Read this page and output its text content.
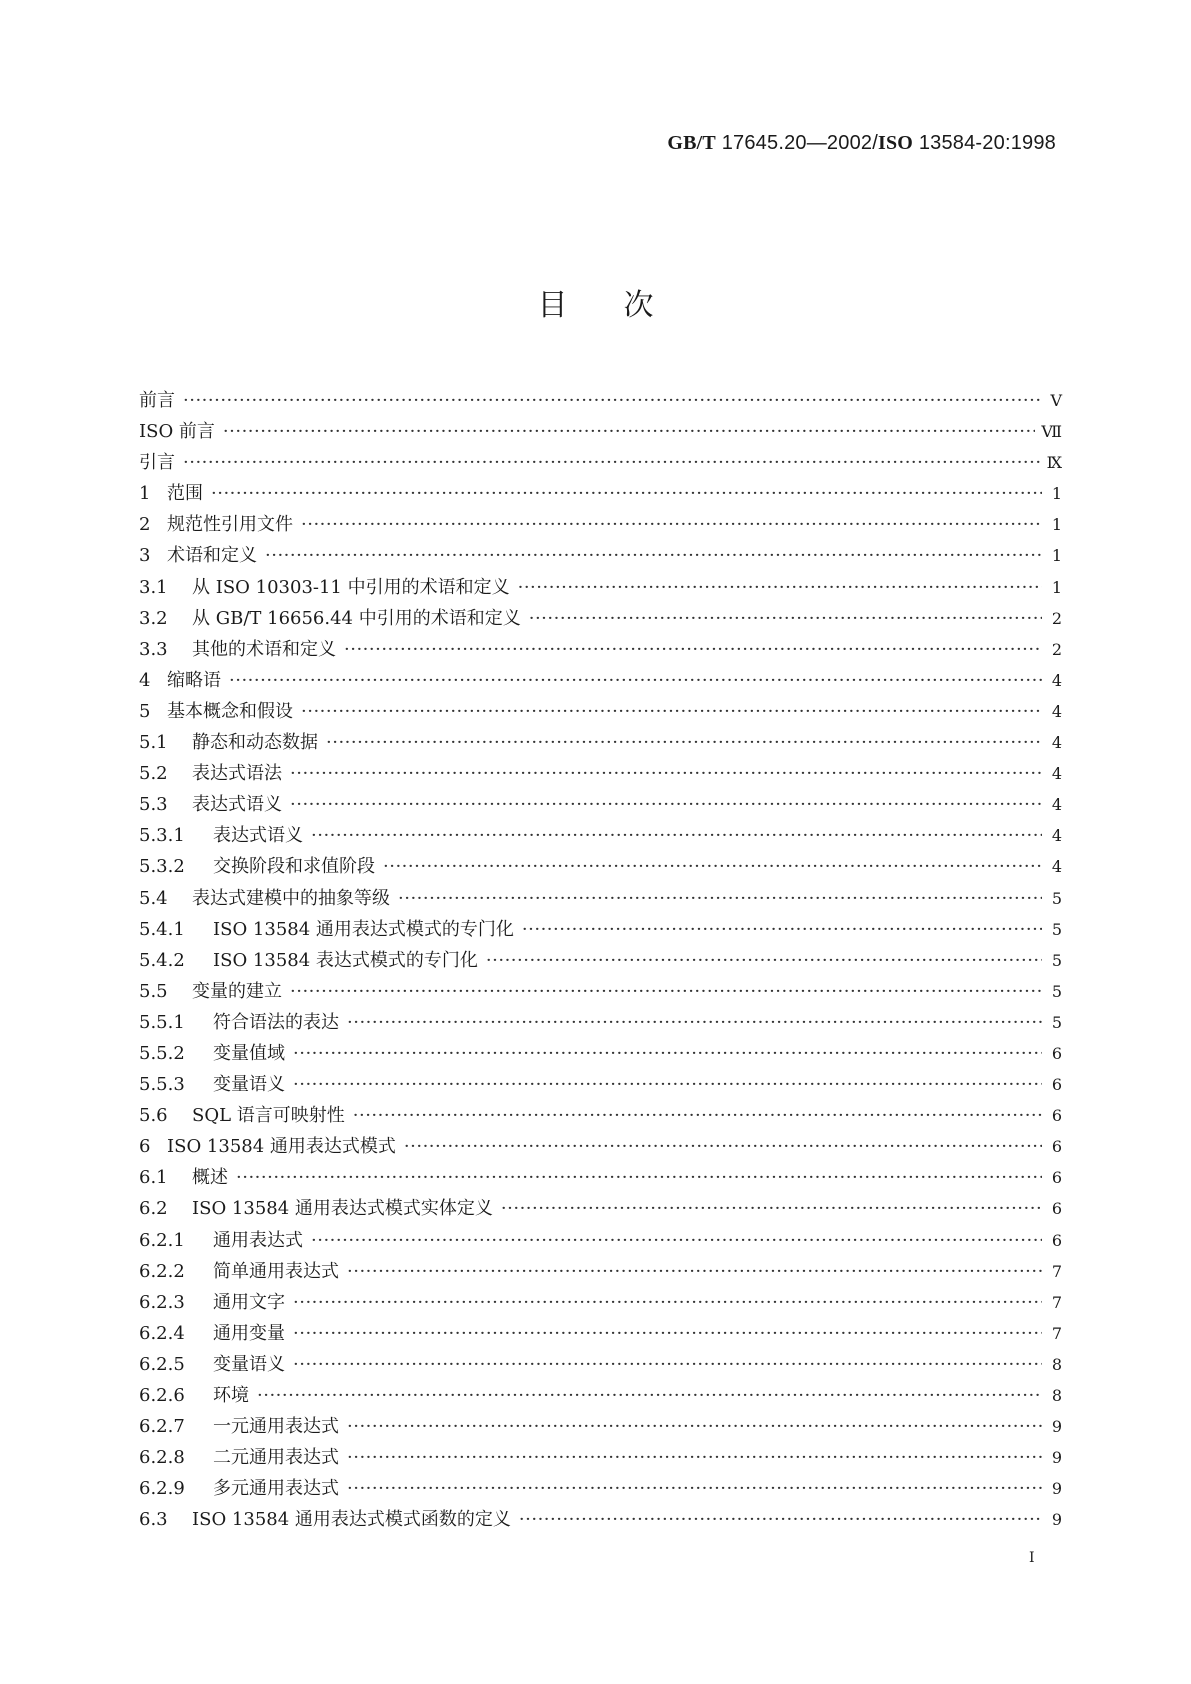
GB/T 17645.20—2002/ISO 13584-20:1998
目次
前言 ·····	Ⅴ
ISO 前言 ·····	Ⅶ
引言 ·····	Ⅸ
1 范围 ·····	1
2 规范性引用文件 ·····	1
3 术语和定义 ·····	1
3.1	从 ISO 10303-11 中引用的术语和定义 ·····	1
3.2	从 GB/T 16656.44 中引用的术语和定义 ·····	2
3.3	其他的术语和定义 ·····	2
4 缩略语 ·····	4
5 基本概念和假设 ·····	4
5.1	静态和动态数据 ·····	4
5.2	表达式语法 ·····	4
5.3	表达式语义 ·····	4
5.3.1	表达式语义 ·····	4
5.3.2	交换阶段和求值阶段 ·····	4
5.4	表达式建模中的抽象等级 ·····	5
5.4.1	ISO 13584 通用表达式模式的专门化 ·····	5
5.4.2	ISO 13584 表达式模式的专门化 ·····	5
5.5	变量的建立 ·····	5
5.5.1	符合语法的表达 ·····	5
5.5.2	变量值域 ·····	6
5.5.3	变量语义 ·····	6
5.6	SQL 语言可映射性 ·····	6
6 ISO 13584 通用表达式模式 ·····	6
6.1	概述 ·····	6
6.2	ISO 13584 通用表达式模式实体定义 ·····	6
6.2.1	通用表达式 ·····	6
6.2.2	简单通用表达式 ·····	7
6.2.3	通用文字 ·····	7
6.2.4	通用变量 ·····	7
6.2.5	变量语义 ·····	8
6.2.6	环境 ·····	8
6.2.7	一元通用表达式 ·····	9
6.2.8	二元通用表达式 ·····	9
6.2.9	多元通用表达式 ·····	9
6.3	ISO 13584 通用表达式模式函数的定义 ·····	9
Ⅰ
